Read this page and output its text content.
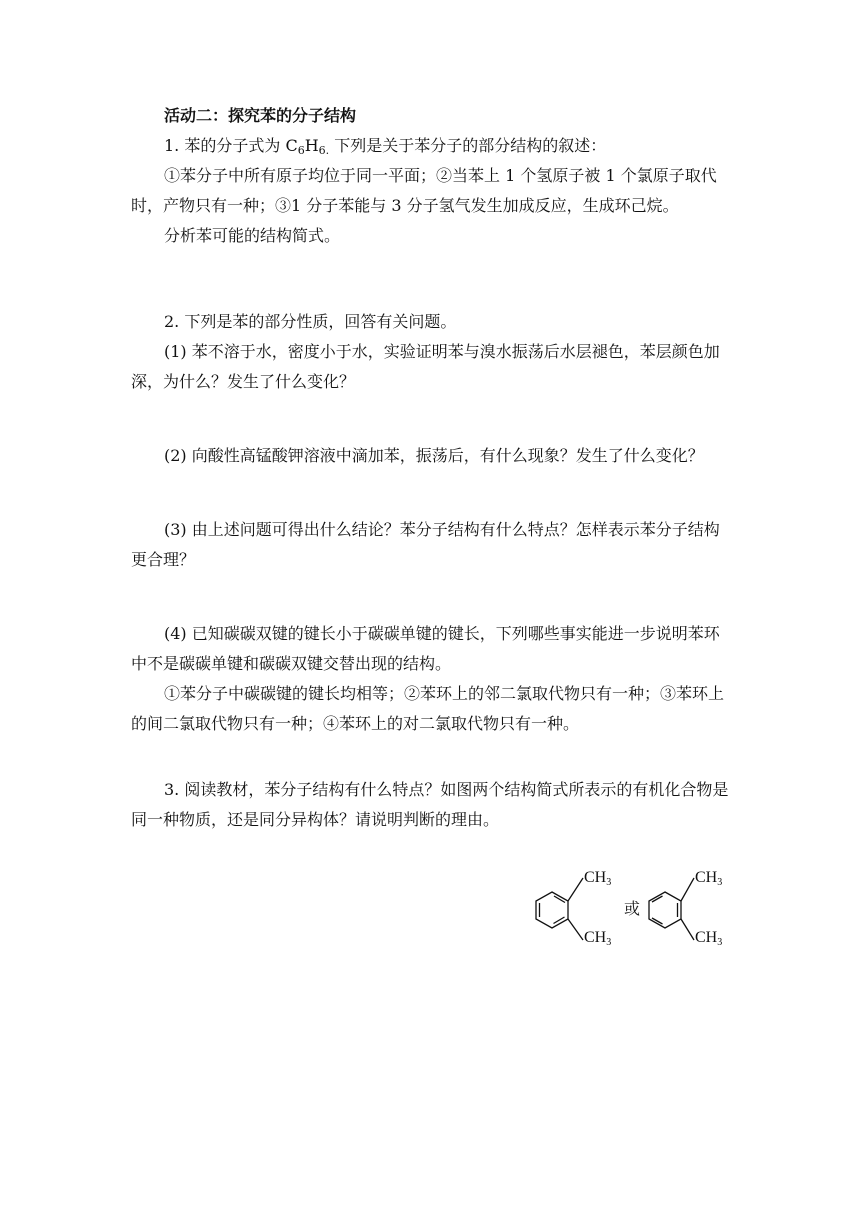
活动二：探究苯的分子结构

1. 苯的分子式为 $C_6H_{6.}$ 下列是关于苯分子的部分结构的叙述：

①苯分子中所有原子均位于同一平面；②当苯上 1 个氢原子被 1 个氯原子取代时，产物只有一种；③1 分子苯能与 3 分子氢气发生加成反应，生成环己烷。

分析苯可能的结构简式。

2. 下列是苯的部分性质，回答有关问题。

(1) 苯不溶于水，密度小于水，实验证明苯与溴水振荡后水层褪色，苯层颜色加深，为什么？发生了什么变化？

(2) 向酸性高锰酸钾溶液中滴加苯，振荡后，有什么现象？发生了什么变化？

(3) 由上述问题可得出什么结论？苯分子结构有什么特点？怎样表示苯分子结构更合理？

(4) 已知碳碳双键的键长小于碳碳单键的键长，下列哪些事实能进一步说明苯环中不是碳碳单键和碳碳双键交替出现的结构。

①苯分子中碳碳键的键长均相等；②苯环上的邻二氯取代物只有一种；③苯环上的间二氯取代物只有一种；④苯环上的对二氯取代物只有一种。

3. 阅读教材，苯分子结构有什么特点？如图两个结构简式所表示的有机化合物是同一种物质，还是同分异构体？请说明判断的理由。

CH3
CH3
或
CH3
CH3
